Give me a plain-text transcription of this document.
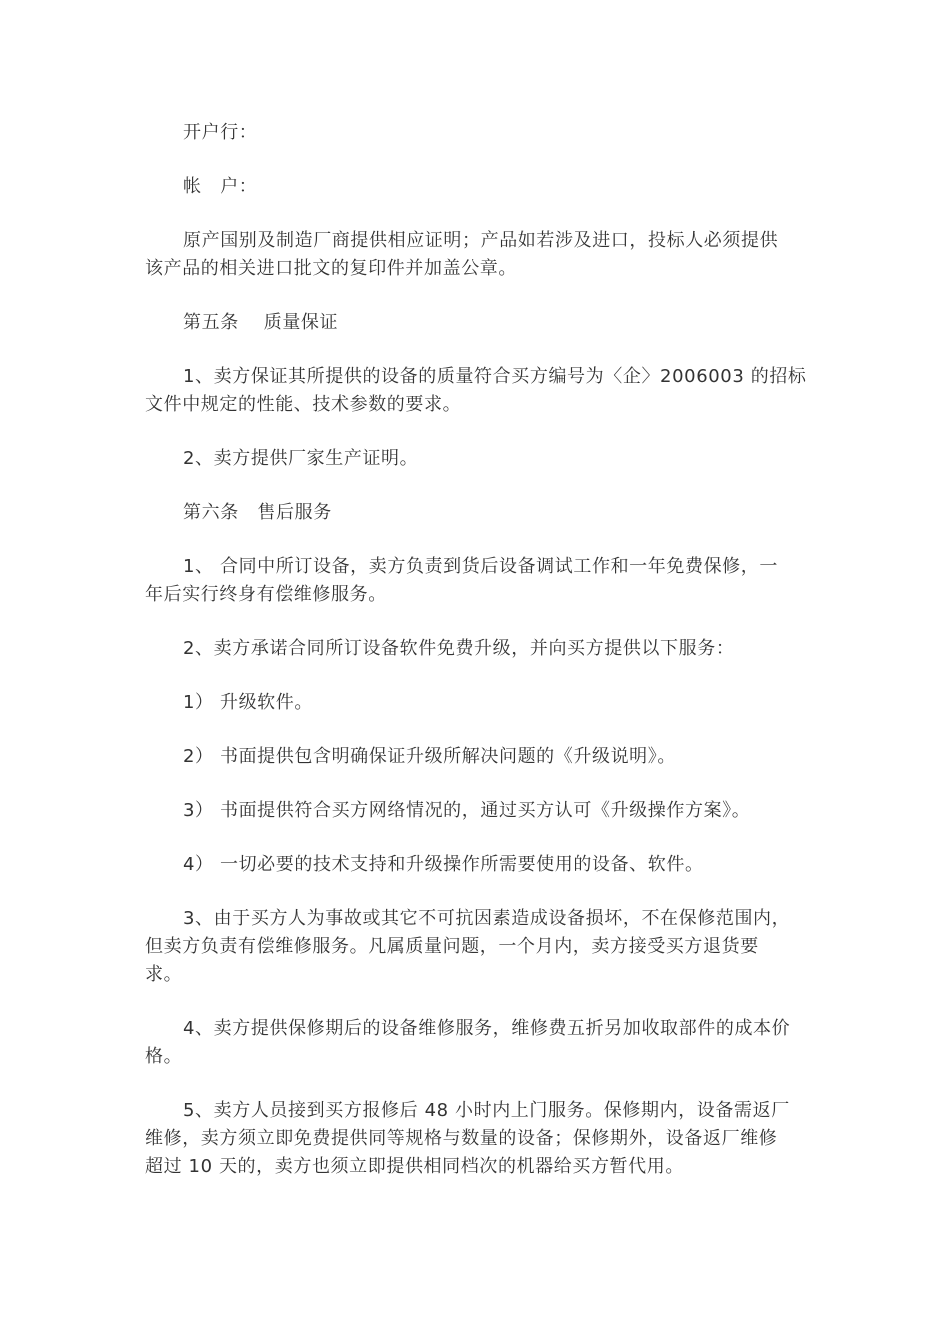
开户行：

帐　户：

原产国别及制造厂商提供相应证明；产品如若涉及进口，投标人必须提供
该产品的相关进口批文的复印件并加盖公章。

第五条　 质量保证

1、卖方保证其所提供的设备的质量符合买方编号为〈企〉2006003 的招标
文件中规定的性能、技术参数的要求。

2、卖方提供厂家生产证明。

第六条　售后服务

1、 合同中所订设备，卖方负责到货后设备调试工作和一年免费保修，一
年后实行终身有偿维修服务。

2、卖方承诺合同所订设备软件免费升级，并向买方提供以下服务：

1） 升级软件。

2） 书面提供包含明确保证升级所解决问题的《升级说明》。

3） 书面提供符合买方网络情况的，通过买方认可《升级操作方案》。

4） 一切必要的技术支持和升级操作所需要使用的设备、软件。

3、由于买方人为事故或其它不可抗因素造成设备损坏，不在保修范围内，
但卖方负责有偿维修服务。凡属质量问题，一个月内，卖方接受买方退货要
求。

4、卖方提供保修期后的设备维修服务，维修费五折另加收取部件的成本价
格。

5、卖方人员接到买方报修后 48 小时内上门服务。保修期内，设备需返厂
维修，卖方须立即免费提供同等规格与数量的设备；保修期外，设备返厂维修
超过 10 天的，卖方也须立即提供相同档次的机器给买方暂代用。
